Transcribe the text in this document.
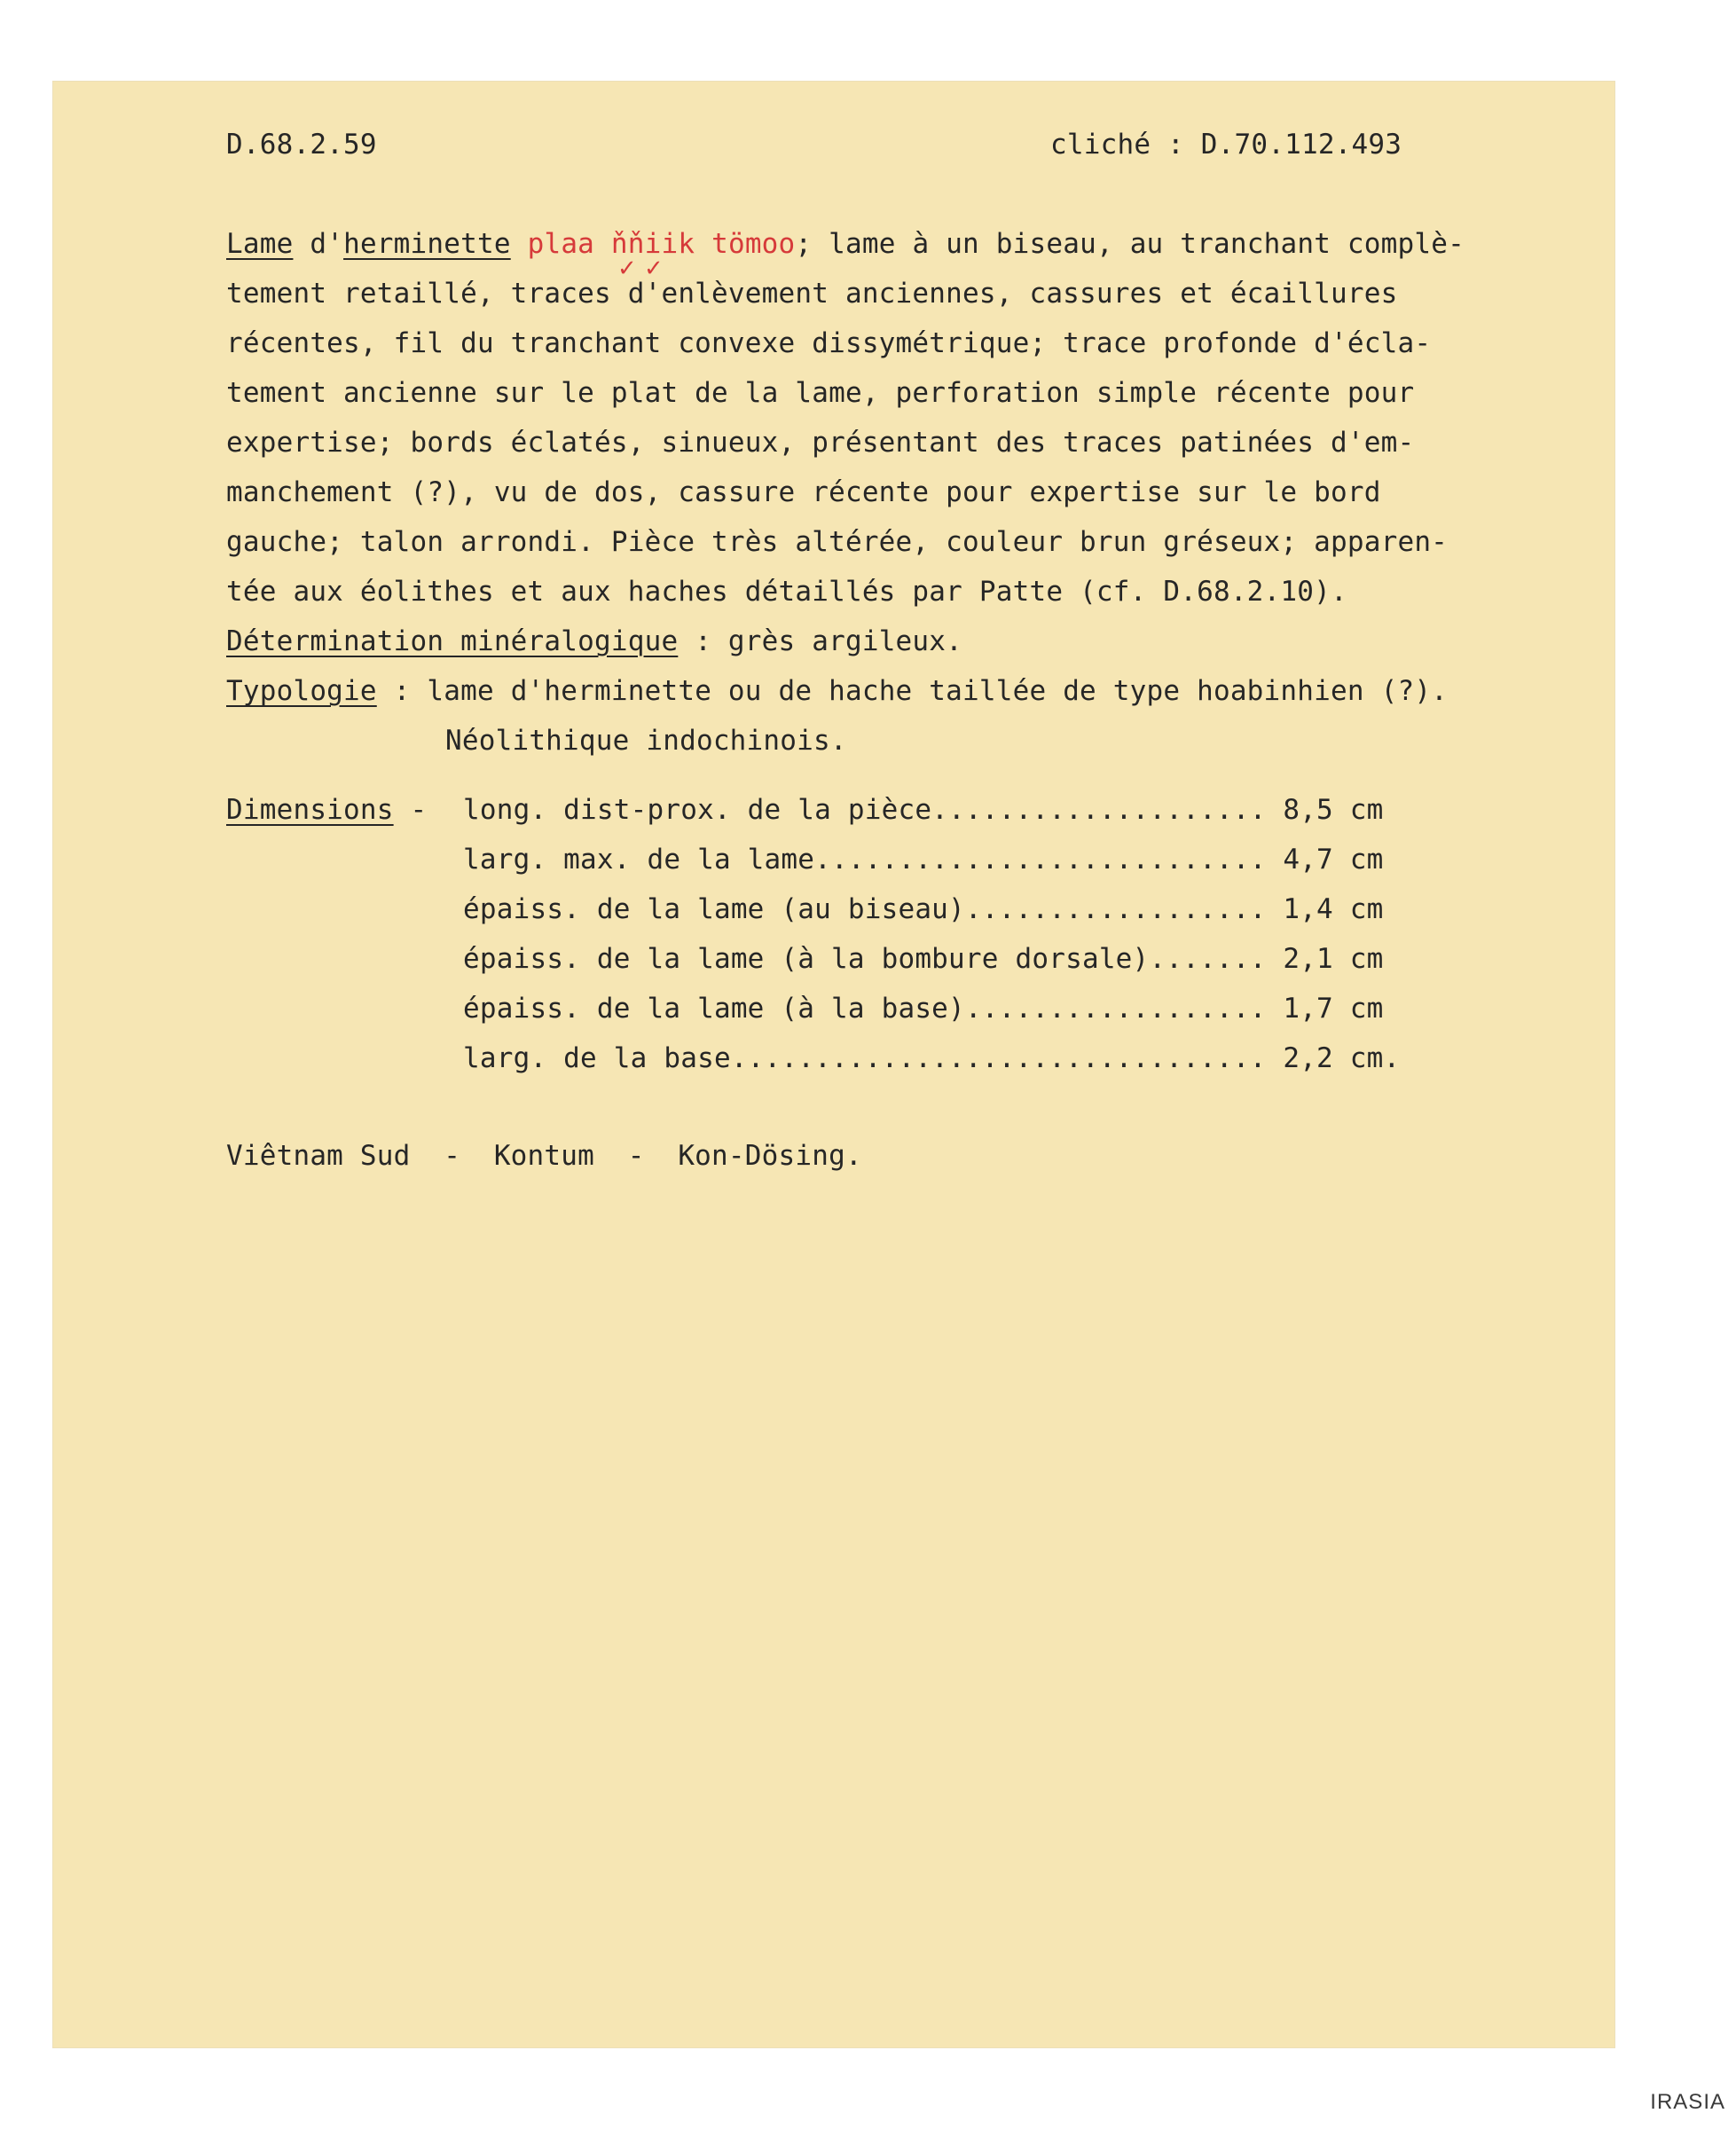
D.68.2.59	cliché : D.70.112.493
✓ ✓
Lame d'herminette plaa ňňiik tömoo; lame à un biseau, au tranchant complè-
tement retaillé, traces d'enlèvement anciennes, cassures et écaillures
récentes, fil du tranchant convexe dissymétrique; trace profonde d'écla-
tement ancienne sur le plat de la lame, perforation simple récente pour
expertise; bords éclatés, sinueux, présentant des traces patinées d'em-
manchement (?), vu de dos, cassure récente pour expertise sur le bord
gauche; talon arrondi. Pièce très altérée, couleur brun gréseux; apparen-
tée aux éolithes et aux haches détaillés par Patte (cf. D.68.2.10).
Détermination minéralogique : grès argileux.
Typologie : lame d'herminette ou de hache taillée de type hoabinhien (?).
Néolithique indochinois.
Dimensions - long. dist-prox. de la pièce.................... 8,5 cm
larg. max. de la lame........................... 4,7 cm
épaiss. de la lame (au biseau).................. 1,4 cm
épaiss. de la lame (à la bombure dorsale)....... 2,1 cm
épaiss. de la lame (à la base).................. 1,7 cm
larg. de la base................................ 2,2 cm.
Viêtnam Sud  -  Kontum  -  Kon-Dösing.
IRASIA
